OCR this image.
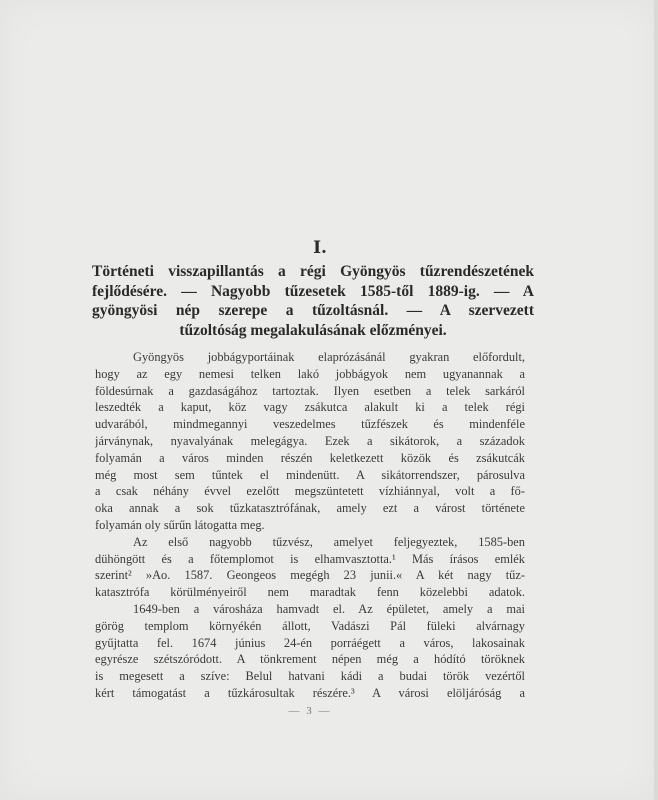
I.
Történeti visszapillantás a régi Gyöngyös tűzrendészetének
fejlődésére. — Nagyobb tűzesetek 1585-től 1889-ig. — A
gyöngyösi nép szerepe a tűzoltásnál. — A szervezett
tűzoltóság megalakulásának előzményei.
Gyöngyös jobbágyportáinak elaprózásánál gyakran előfordult,
hogy az egy nemesi telken lakó jobbágyok nem ugyanannak a
földesúrnak a gazdaságához tartoztak. Ilyen esetben a telek sarkáról
leszedték a kaput, köz vagy zsákutca alakult ki a telek régi
udvarából, mindmegannyi veszedelmes tűzfészek és mindenféle
járványnak, nyavalyának melegágya. Ezek a sikátorok, a századok
folyamán a város minden részén keletkezett közök és zsákutcák
még most sem tűntek el mindenütt. A sikátorrendszer, párosulva
a csak néhány évvel ezelőtt megszüntetett vízhiánnyal, volt a fő-
oka annak a sok tűzkatasztrófának, amely ezt a várost története
folyamán oly sűrűn látogatta meg.
Az első nagyobb tűzvész, amelyet feljegyeztek, 1585-ben
dühöngött és a főtemplomot is elhamvasztotta.¹ Más írásos emlék
szerint² »Ao. 1587. Geongeos megégh 23 junii.« A két nagy tűz-
katasztrófa körülményeiről nem maradtak fenn közelebbi adatok.
1649-ben a városháza hamvadt el. Az épületet, amely a mai
görög templom környékén állott, Vadászi Pál füleki alvárnagy
gyűjtatta fel. 1674 június 24-én porráégett a város, lakosainak
egyrésze szétszóródott. A tönkrement népen még a hódító töröknek
is megesett a szíve: Belul hatvani kádi a budai török vezértől
kért támogatást a tűzkárosultak részére.³ A városi elöljáróság a
— 3 —
